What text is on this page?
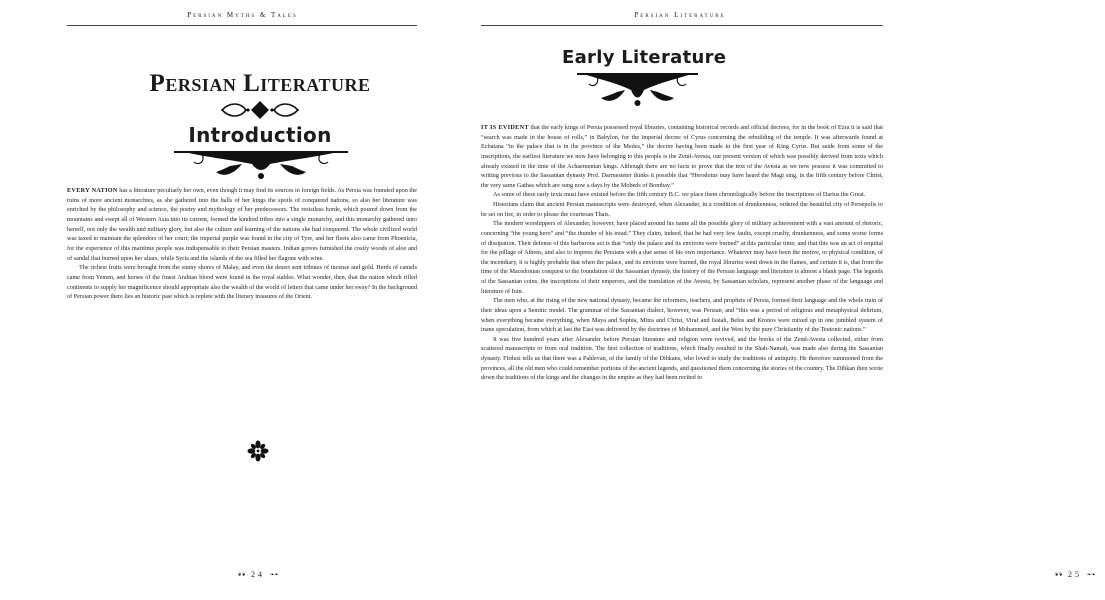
Persian Myths & Tales
Persian Literature
Introduction

EVERY NATION has a literature peculiarly her own, even though it may find its sources in foreign fields. As Persia was founded upon the ruins of more ancient monarchies, as she gathered into the halls of her kings the spoils of conquered nations, so also her literature was enriched by the philosophy and science, the poetry and mythology of her predecessors. The resistless horde, which poured down from the mountains and swept all of Western Asia into its current, formed the kindred tribes into a single monarchy, and this monarchy gathered unto herself, not only the wealth and military glory, but also the culture and learning of the nations she had conquered. The whole civilized world was taxed to maintain the splendors of her court; the imperial purple was found in the city of Tyre, and her fleets also came from Phoenicia, for the experience of this maritime people was indispensable to their Persian masters. Indian groves furnished the costly woods of aloe and of sandal that burned upon her altars, while Syria and the islands of the sea filled her flagons with wine.

The richest fruits were brought from the sunny shores of Malay, and even the desert sent tributes of incense and gold. Herds of camels came from Yemen, and horses of the finest Arabian blood were found in the royal stables. What wonder, then, that the nation which rifled continents to supply her magnificence should appropriate also the wealth of the world of letters that came under her sway? In the background of Persian power there lies an historic past which is replete with the literary treasures of the Orient.

❦❦ 24 ❧❧
Persian Literature
Early Literature

IT IS EVIDENT that the early kings of Persia possessed royal libraries, containing historical records and official decrees, for in the book of Ezra it is said that “search was made in the house of rolls,” in Babylon, for the imperial decree of Cyrus concerning the rebuilding of the temple. It was afterwards found at Ecbatana “in the palace that is in the province of the Medes,” the decree having been made in the first year of King Cyrus. But aside from some of the inscriptions, the earliest literature we now have belonging to this people is the Zend-Avesta, our present version of which was possibly derived from texts which already existed in the time of the Achaemenian kings. Although there are no facts to prove that the text of the Avesta as we now possess it was committed to writing previous to the Sassanian dynasty Prof. Darmesteter thinks it possible that “Herodotus may have heard the Magi sing, in the fifth century before Christ, the very same Gathas which are sung now a days by the Mobeds of Bombay.”

As some of these early texts must have existed before the fifth century B.C. we place them chronologically before the inscriptions of Darius the Great.

Historians claim that ancient Persian manuscripts were destroyed, when Alexander, in a condition of drunkenness, ordered the beautiful city of Persepolis to be set on fire, in order to please the courtesan Thais.

The modern worshippers of Alexander, however, have placed around his name all the possible glory of military achievement with a vast amount of rhetoric, concerning “the young hero” and “the thunder of his tread.” They claim, indeed, that he had very few faults, except cruelty, drunkenness, and some worse forms of dissipation. Their defense of this barbarous act is that “only the palace and its environs were burned” at this particular time; and that this was an act of requital for the pillage of Athens, and also to impress the Persians with a due sense of his own importance. Whatever may have been the motive, or physical condition, of the incendiary, it is highly probable that when the palace, and its environs were burned, the royal libraries went down in the flames, and certain it is, that from the time of the Macedonian conquest to the foundation of the Sassanian dynasty, the history of the Persian language and literature is almost a blank page. The legends of the Sassanian coins, the inscriptions of their emperors, and the translation of the Avesta, by Sassanian scholars, represent another phase of the language and literature of Iran.

The men who, at the rising of the new national dynasty, became the reformers, teachers, and prophets of Persia, formed their language and the whole train of their ideas upon a Semitic model. The grammar of the Sassanian dialect, however, was Persian, and “this was a period of religious and metaphysical delirium, when everything became everything, when Maya and Sophia, Mitra and Christ, Viraf and Isaiah, Belus and Kronos were mixed up in one jumbled system of inane speculation, from which at last the East was delivered by the doctrines of Mohammed, and the West by the pure Christianity of the Teutonic nations.”

It was five hundred years after Alexander before Persian literature and religion were revived, and the books of the Zend-Avesta collected, either from scattered manuscripts or from oral tradition. The first collection of traditions, which finally resulted in the Shah-Namah, was made also during the Sassanian dynasty. Firdusi tells us that there was a Pahlevan, of the family of the Dihkans, who loved to study the traditions of antiquity. He therefore summoned from the provinces, all the old men who could remember portions of the ancient legends, and questioned them concerning the stories of the country. The Dihkan then wrote down the traditions of the kings and the changes in the empire as they had been recited to

❦❦ 25 ❧❧
